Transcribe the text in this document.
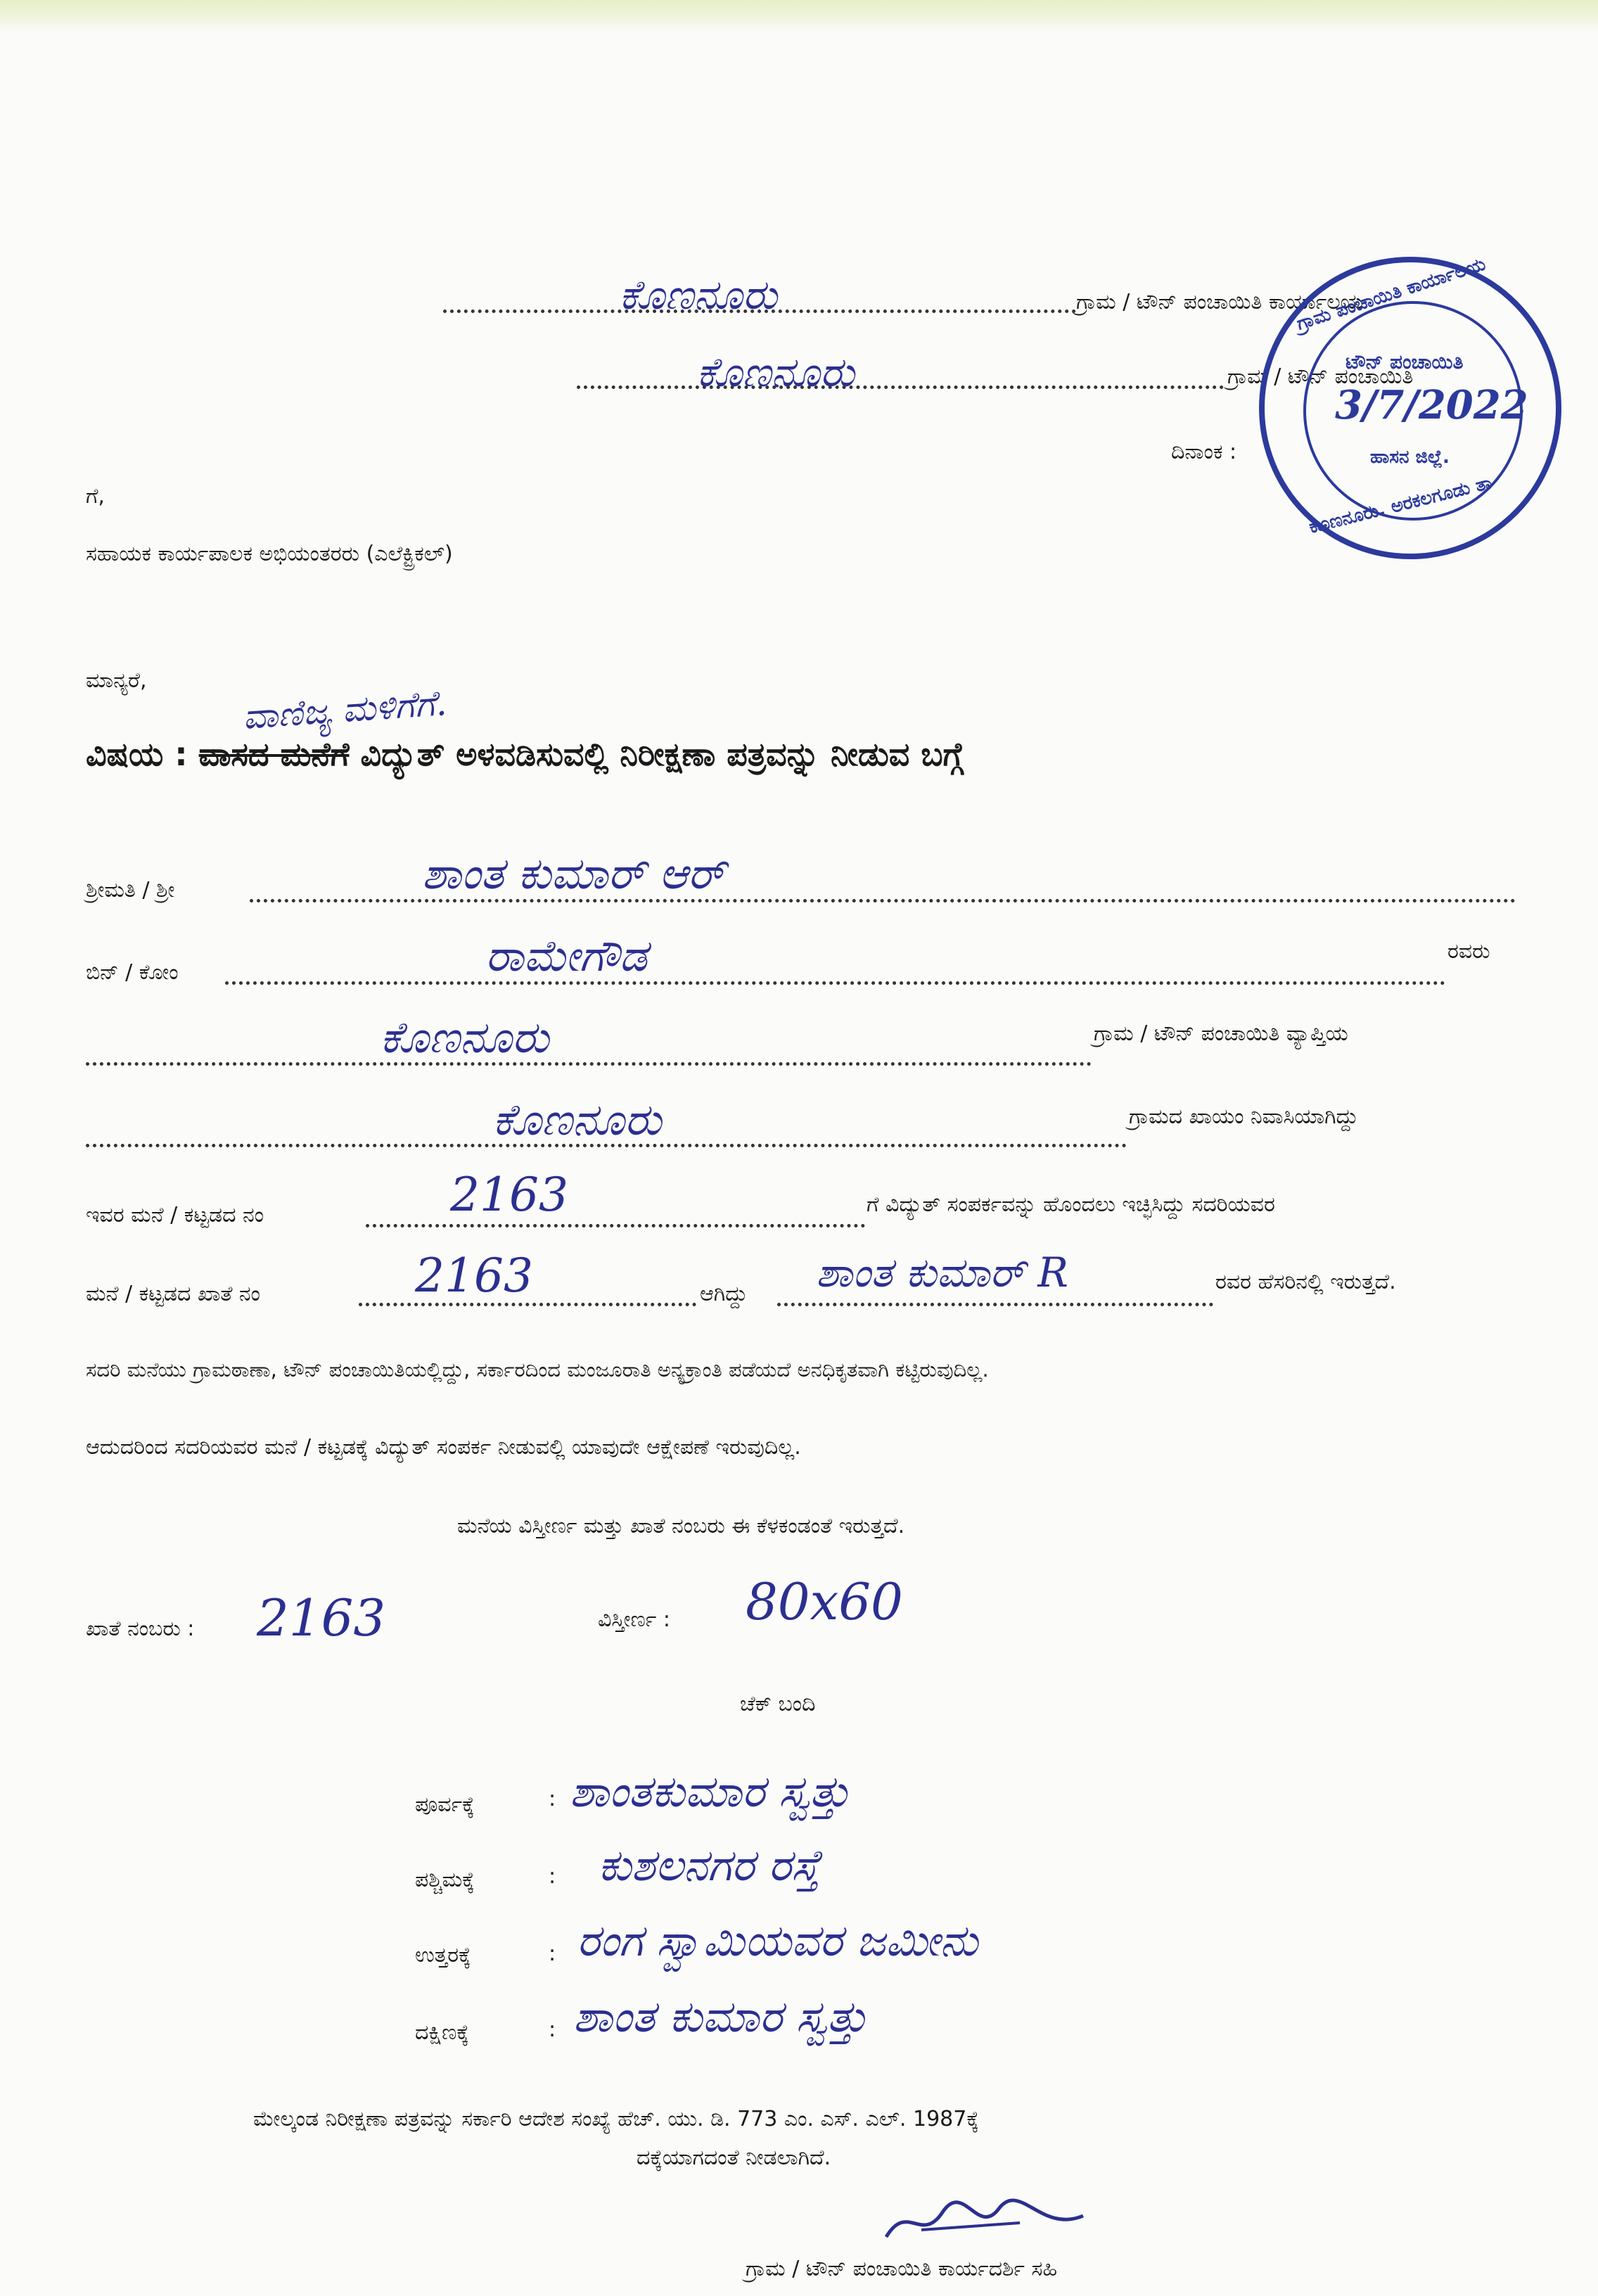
ಕೊಣನೂರು	ಗ್ರಾಮ / ಟೌನ್ ಪಂಚಾಯಿತಿ ಕಾರ್ಯಾಲಯ
ಕೊಣನೂರು	ಗ್ರಾಮ / ಟೌನ್ ಪಂಚಾಯಿತಿ
ದಿನಾಂಕ :
ಗ್ರಾಮ ಪಂಚಾಯಿತಿ ಕಾರ್ಯಾಲಯ
ಟೌನ್ ಪಂಚಾಯಿತಿ
3/7/2022
ಹಾಸನ ಜಿಲ್ಲೆ.
ಕೊಣನೂರು. ಅರಕಲಗೂಡು ತಾ
ಗೆ,
ಸಹಾಯಕ ಕಾರ್ಯಪಾಲಕ ಅಭಿಯಂತರರು (ಎಲೆಕ್ಟ್ರಿಕಲ್)
ಮಾನ್ಯರೆ,
ವಾಣಿಜ್ಯ ಮಳಿಗೆಗೆ.
ವಿಷಯ : ವಾಸದ ಮನೆಗೆ ವಿದ್ಯುತ್ ಅಳವಡಿಸುವಲ್ಲಿ ನಿರೀಕ್ಷಣಾ ಪತ್ರವನ್ನು ನೀಡುವ ಬಗ್ಗೆ
ಶ್ರೀಮತಿ / ಶ್ರೀ	ಶಾಂತ ಕುಮಾರ್ ಆರ್
ಬಿನ್ / ಕೋಂ	ರಾಮೇಗೌಡ	ರವರು
ಕೊಣನೂರು	ಗ್ರಾಮ / ಟೌನ್ ಪಂಚಾಯಿತಿ ವ್ಯಾಪ್ತಿಯ
ಕೊಣನೂರು	ಗ್ರಾಮದ ಖಾಯಂ ನಿವಾಸಿಯಾಗಿದ್ದು
ಇವರ ಮನೆ / ಕಟ್ಟಡದ ನಂ	2163	ಗೆ ವಿದ್ಯುತ್ ಸಂಪರ್ಕವನ್ನು ಹೊಂದಲು ಇಚ್ಛಿಸಿದ್ದು ಸದರಿಯವರ
ಮನೆ / ಕಟ್ಟಡದ ಖಾತೆ ನಂ	2163	ಆಗಿದ್ದು ಶಾಂತ ಕುಮಾರ್ R	ರವರ ಹೆಸರಿನಲ್ಲಿ ಇರುತ್ತದೆ.
ಸದರಿ ಮನೆಯು ಗ್ರಾಮಠಾಣಾ, ಟೌನ್ ಪಂಚಾಯಿತಿಯಲ್ಲಿದ್ದು, ಸರ್ಕಾರದಿಂದ ಮಂಜೂರಾತಿ ಅನ್ಯಕ್ರಾಂತಿ ಪಡೆಯದೆ ಅನಧಿಕೃತವಾಗಿ ಕಟ್ಟಿರುವುದಿಲ್ಲ.
ಆದುದರಿಂದ ಸದರಿಯವರ ಮನೆ / ಕಟ್ಟಡಕ್ಕೆ ವಿದ್ಯುತ್ ಸಂಪರ್ಕ ನೀಡುವಲ್ಲಿ ಯಾವುದೇ ಆಕ್ಷೇಪಣೆ ಇರುವುದಿಲ್ಲ.
ಮನೆಯ ವಿಸ್ತೀರ್ಣ ಮತ್ತು ಖಾತೆ ನಂಬರು ಈ ಕೆಳಕಂಡಂತೆ ಇರುತ್ತದೆ.
ಖಾತೆ ನಂಬರು : 2163	ವಿಸ್ತೀರ್ಣ : 80x60
ಚೆಕ್ ಬಂದಿ
ಪೂರ್ವಕ್ಕೆ	: ಶಾಂತಕುಮಾರ ಸ್ವತ್ತು
ಪಶ್ಚಿಮಕ್ಕೆ	: ಕುಶಲನಗರ ರಸ್ತೆ
ಉತ್ತರಕ್ಕೆ	: ರಂಗ ಸ್ವಾಮಿಯವರ ಜಮೀನು
ದಕ್ಷಿಣಕ್ಕೆ	: ಶಾಂತ ಕುಮಾರ ಸ್ವತ್ತು
ಮೇಲ್ಕಂಡ ನಿರೀಕ್ಷಣಾ ಪತ್ರವನ್ನು ಸರ್ಕಾರಿ ಆದೇಶ ಸಂಖ್ಯೆ ಹೆಚ್. ಯು. ಡಿ. 773 ಎಂ. ಎಸ್. ಎಲ್. 1987ಕ್ಕೆ
ದಕ್ಕೆಯಾಗದಂತೆ ನೀಡಲಾಗಿದೆ.
ಗ್ರಾಮ / ಟೌನ್ ಪಂಚಾಯಿತಿ ಕಾರ್ಯದರ್ಶಿ ಸಹಿ
